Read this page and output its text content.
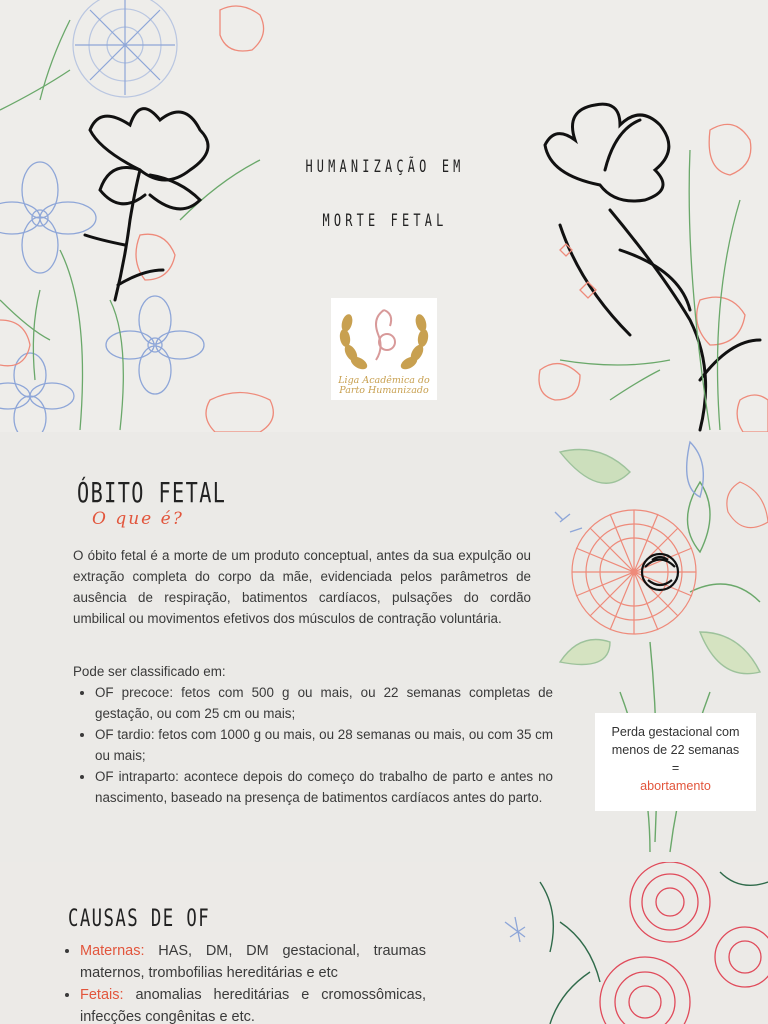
HUMANIZAÇÃO EM
MORTE FETAL
Liga Acadêmica do
Parto Humanizado
ÓBITO FETAL
O que é?
O óbito fetal é a morte de um produto conceptual, antes da sua expulção ou extração completa do corpo da mãe, evidenciada pelos parâmetros de ausência de respiração, batimentos cardíacos, pulsações do cordão umbilical ou movimentos efetivos dos músculos de contração voluntária.
Pode ser classificado em:
• OF precoce: fetos com 500 g ou mais, ou 22 semanas completas de gestação, ou com 25 cm ou mais;
• OF tardio: fetos com 1000 g ou mais, ou 28 semanas ou mais, ou com 35 cm ou mais;
• OF intraparto: acontece depois do começo do trabalho de parto e antes no nascimento, baseado na presença de batimentos cardíacos antes do parto.
Perda gestacional com
menos de 22 semanas
=
abortamento
CAUSAS DE OF
• Maternas: HAS, DM, DM gestacional, traumas maternos, trombofilias hereditárias e etc
• Fetais: anomalias hereditárias e cromossômicas, infecções congênitas e etc.
